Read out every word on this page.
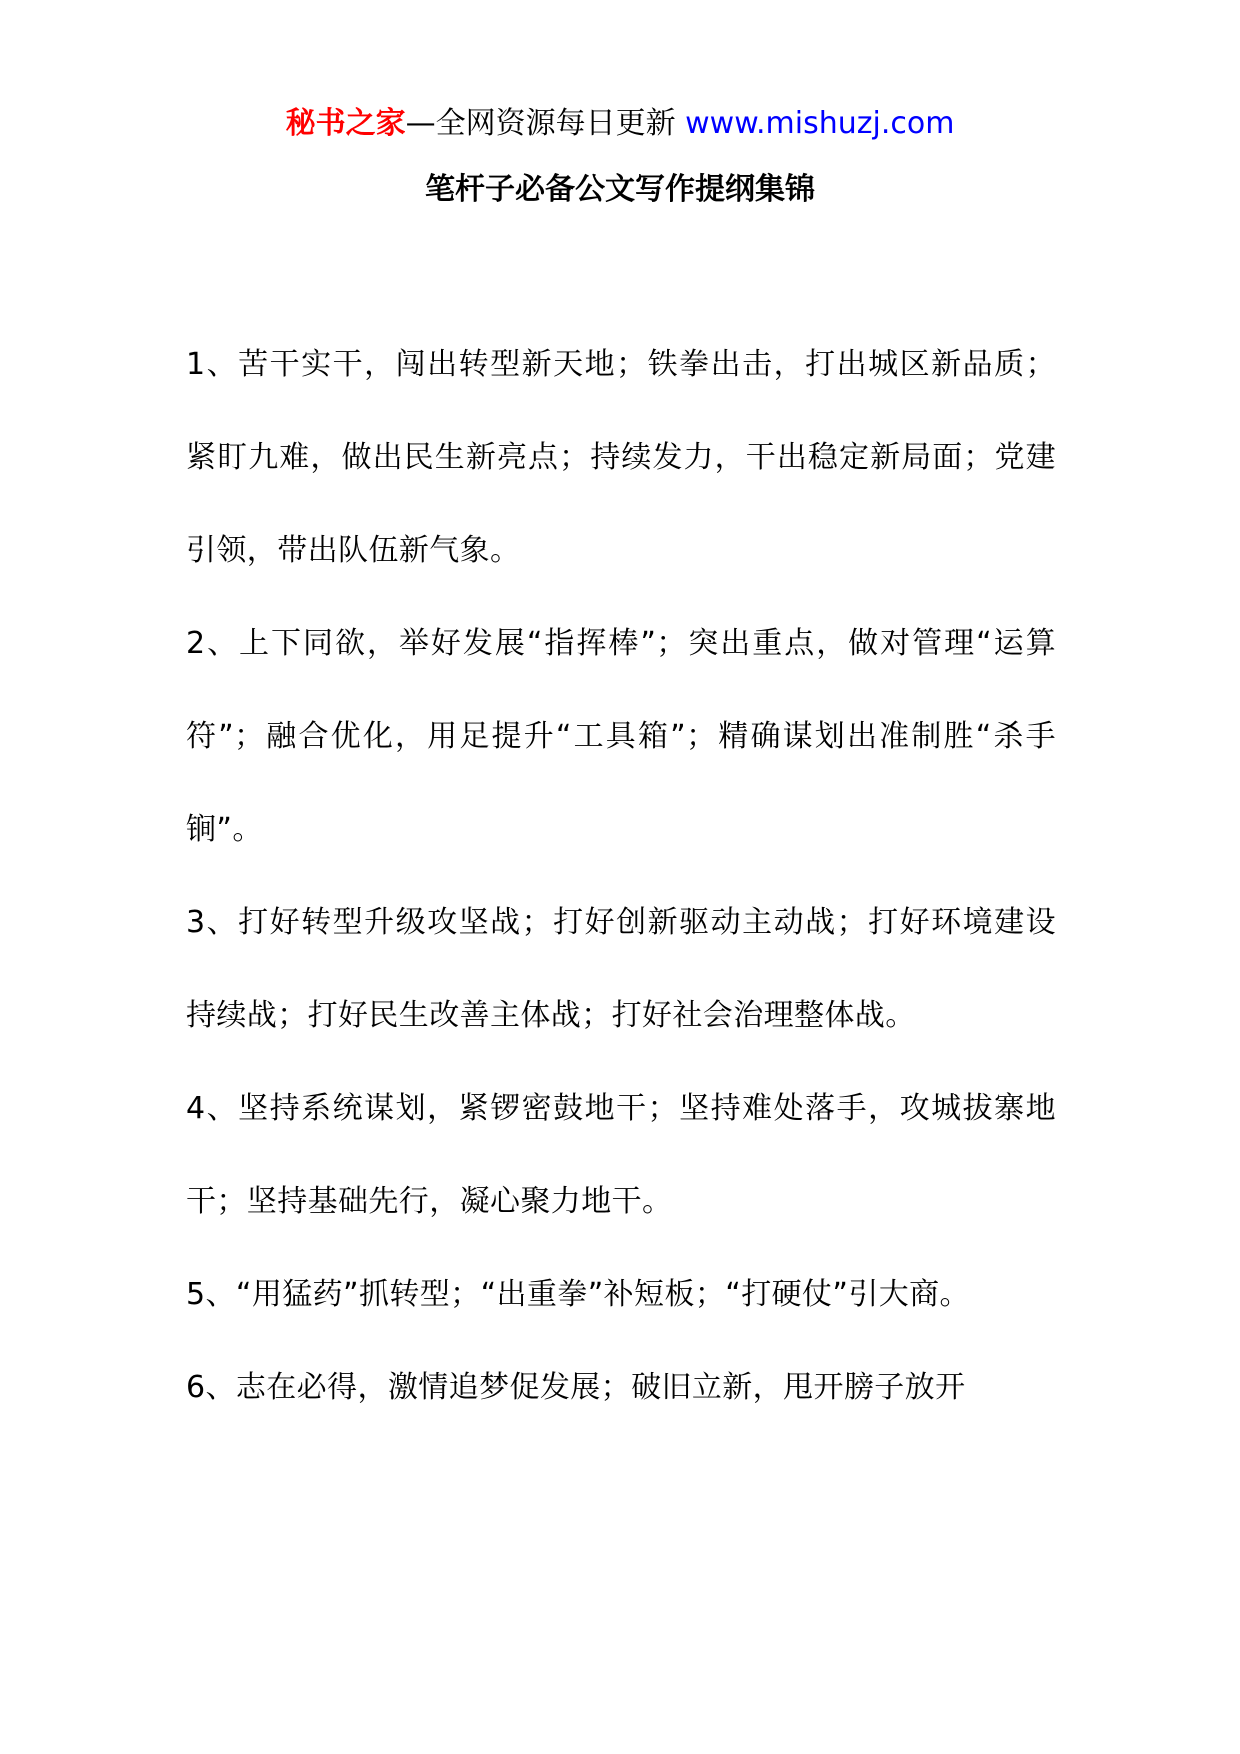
秘书之家—全网资源每日更新 www.mishuzj.com
笔杆子必备公文写作提纲集锦

1、苦干实干，闯出转型新天地；铁拳出击，打出城区新品质；紧盯九难，做出民生新亮点；持续发力，干出稳定新局面；党建引领，带出队伍新气象。

2、上下同欲，举好发展“指挥棒”；突出重点，做对管理“运算符”；融合优化，用足提升“工具箱”；精确谋划出准制胜“杀手锏”。

3、打好转型升级攻坚战；打好创新驱动主动战；打好环境建设持续战；打好民生改善主体战；打好社会治理整体战。

4、坚持系统谋划，紧锣密鼓地干；坚持难处落手，攻城拔寨地干；坚持基础先行，凝心聚力地干。

5、“用猛药”抓转型；“出重拳”补短板；“打硬仗”引大商。

6、志在必得，激情追梦促发展；破旧立新，甩开膀子放开
